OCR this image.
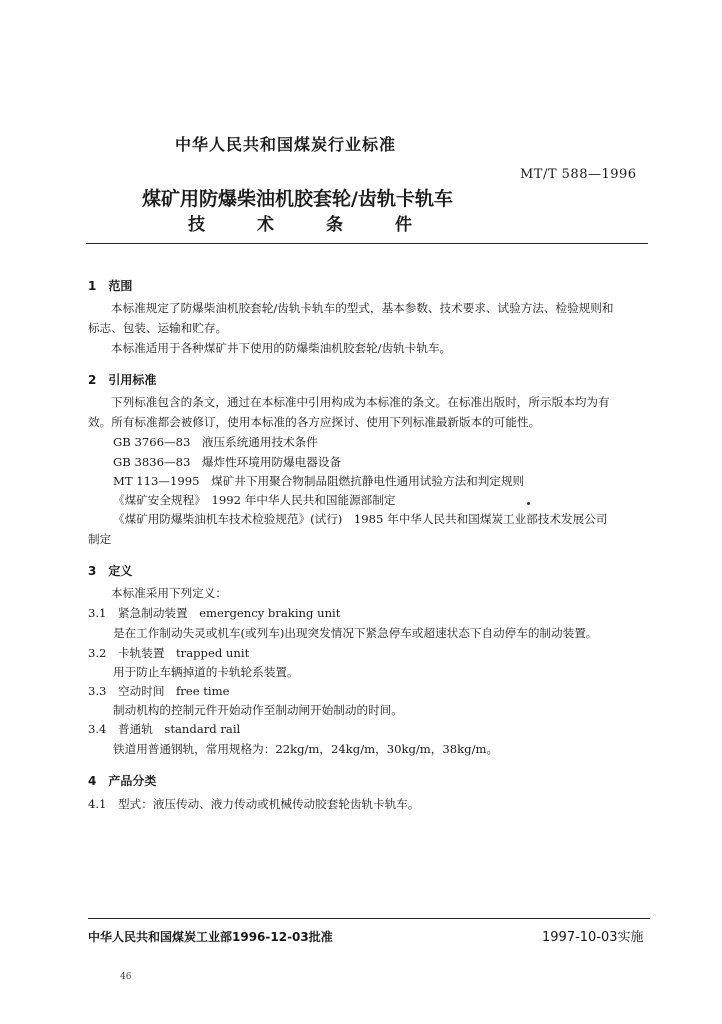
中华人民共和国煤炭行业标准
MT/T 588—1996
煤矿用防爆柴油机胶套轮/齿轨卡轨车
技	术	条	件
1　范围
本标准规定了防爆柴油机胶套轮/齿轨卡轨车的型式，基本参数、技术要求、试验方法、检验规则和
标志、包装、运输和贮存。
本标准适用于各种煤矿井下使用的防爆柴油机胶套轮/齿轨卡轨车。
2　引用标准
下列标准包含的条文，通过在本标准中引用构成为本标准的条文。在标准出版时，所示版本均为有
效。所有标准都会被修订，使用本标准的各方应探讨、使用下列标准最新版本的可能性。
GB 3766—83　液压系统通用技术条件
GB 3836—83　爆炸性环境用防爆电器设备
MT 113—1995　煤矿井下用聚合物制品阻燃抗静电性通用试验方法和判定规则
《煤矿安全规程》　1992 年中华人民共和国能源部制定
《煤矿用防爆柴油机车技术检验规范》(试行)　1985 年中华人民共和国煤炭工业部技术发展公司
制定
3　定义
本标准采用下列定义：
3.1　紧急制动装置　emergency braking unit
是在工作制动失灵或机车(或列车)出现突发情况下紧急停车或超速状态下自动停车的制动装置。
3.2　卡轨装置　trapped unit
用于防止车辆掉道的卡轨轮系装置。
3.3　空动时间　free time
制动机构的控制元件开始动作至制动闸开始制动的时间。
3.4　普通轨　standard rail
铁道用普通钢轨，常用规格为：22kg/m，24kg/m，30kg/m，38kg/m。
4　产品分类
4.1　型式：液压传动、液力传动或机械传动胶套轮齿轨卡轨车。
中华人民共和国煤炭工业部1996-12-03批准	1997-10-03实施
46
